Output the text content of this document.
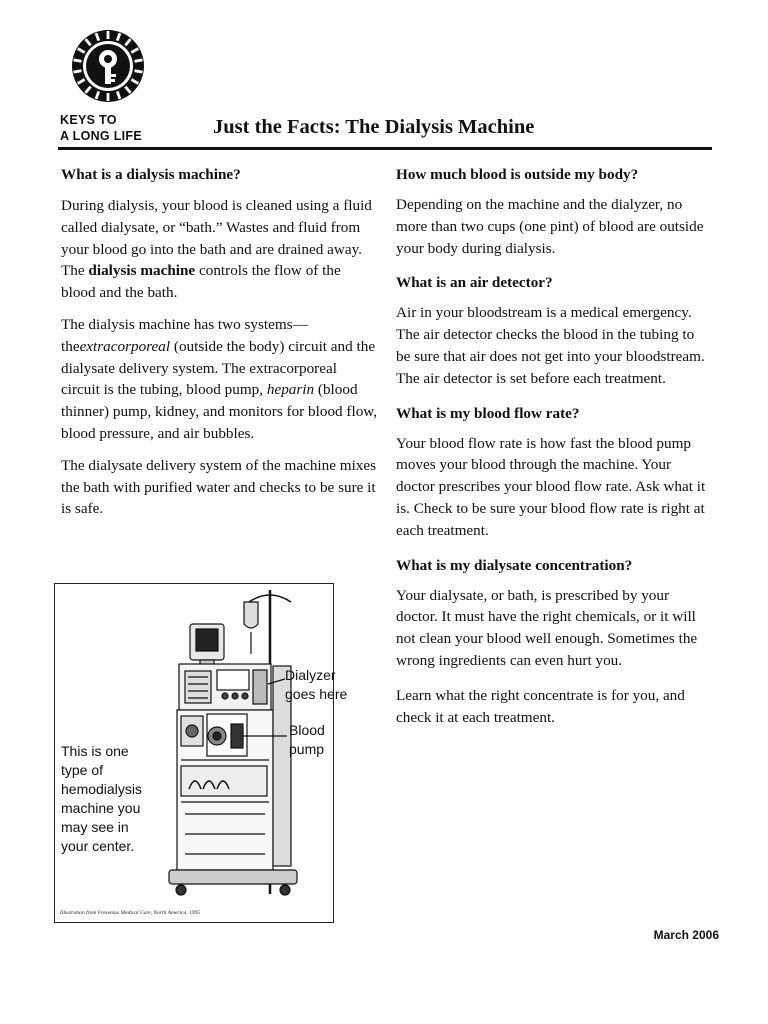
KEYS TO
A LONG LIFE	Just the Facts: The Dialysis Machine
What is a dialysis machine?

During dialysis, your blood is cleaned using a fluid called dialysate, or “bath.” Wastes and fluid from your blood go into the bath and are drained away. The dialysis machine controls the flow of the blood and the bath.

The dialysis machine has two systems—theextracorporeal (outside the body) circuit and the dialysate delivery system. The extracorporeal circuit is the tubing, blood pump, heparin (blood thinner) pump, kidney, and monitors for blood flow, blood pressure, and air bubbles.

The dialysate delivery system of the machine mixes the bath with purified water and checks to be sure it is safe.

How much blood is outside my body?

Depending on the machine and the dialyzer, no more than two cups (one pint) of blood are outside your body during dialysis.

What is an air detector?

Air in your bloodstream is a medical emergency. The air detector checks the blood in the tubing to be sure that air does not get into your bloodstream. The air detector is set before each treatment.

What is my blood flow rate?

Your blood flow rate is how fast the blood pump moves your blood through the machine. Your doctor prescribes your blood flow rate. Ask what it is. Check to be sure your blood flow rate is right at each treatment.

What is my dialysate concentration?

Your dialysate, or bath, is prescribed by your doctor. It must have the right chemicals, or it will not clean your blood well enough. Sometimes the wrong ingredients can even hurt you.

Learn what the right concentrate is for you, and check it at each treatment.

This is one
type of
hemodialysis
machine you
may see in
your center.
Dialyzer
goes here
Blood
pump
Illustration from Fresenius Medical Care, North America, 1995
March 2006
